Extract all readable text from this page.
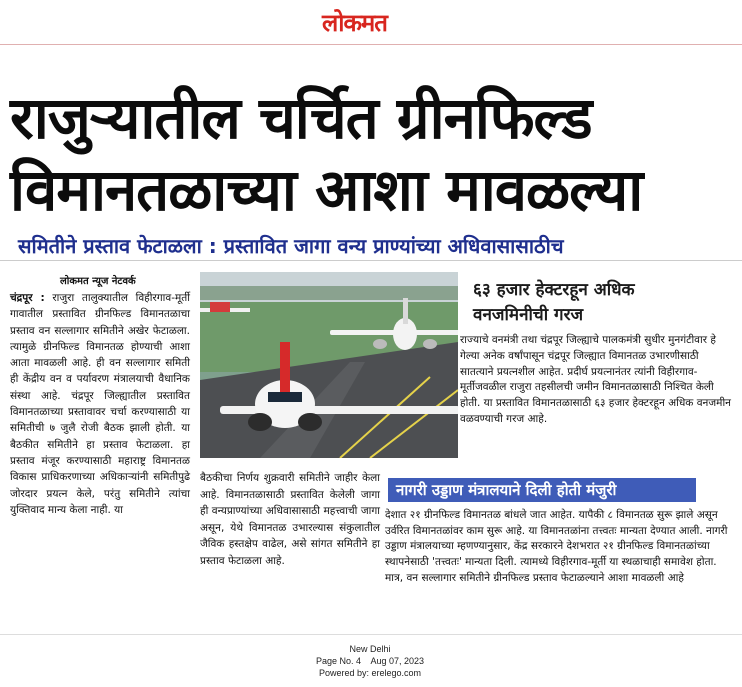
लोकमत
राजुऱ्यातील चर्चित ग्रीनफिल्ड
विमानतळाच्या आशा मावळल्या
समितीने प्रस्ताव फेटाळला : प्रस्तावित जागा वन्य प्राण्यांच्या अधिवासासाठीच
लोकमत न्यूज नेटवर्क
चंद्रपूर : राजुरा तालुक्यातील विहीरगाव-मूर्ती गावातील प्रस्तावित ग्रीनफिल्ड विमानतळाचा प्रस्ताव वन सल्लागार समितीने अखेर फेटाळला. त्यामुळे ग्रीनफिल्ड विमानतळ होण्याची आशा आता मावळली आहे. ही वन सल्लागार समिती ही केंद्रीय वन व पर्यावरण मंत्रालयाची वैधानिक संस्था आहे. चंद्रपूर जिल्ह्यातील प्रस्तावित विमानतळाच्या प्रस्तावावर चर्चा करण्यासाठी या समितीची ७ जुलै रोजी बैठक झाली होती. या बैठकीत समितीने हा प्रस्ताव फेटाळला. हा प्रस्ताव मंजूर करण्यासाठी महाराष्ट्र विमानतळ विकास प्राधिकरणाच्या अधिकाऱ्यांनी समितीपुढे जोरदार प्रयत्न केले, परंतु समितीने त्यांचा युक्तिवाद मान्य केला नाही. या
बैठकीचा निर्णय शुक्रवारी समितीने जाहीर केला आहे. विमानतळासाठी प्रस्तावित केलेली जागा ही वन्यप्राण्यांच्या अधिवासासाठी महत्त्वाची जागा असून, येथे विमानतळ उभारल्यास संकुलातील जैविक हस्तक्षेप वाढेल, असे सांगत समितीने हा प्रस्ताव फेटाळला आहे.
६३ हजार हेक्टरहून अधिक
वनजमिनीची गरज
राज्याचे वनमंत्री तथा चंद्रपूर जिल्ह्याचे पालकमंत्री सुधीर मुनगंटीवार हे गेल्या अनेक वर्षांपासून चंद्रपूर जिल्ह्यात विमानतळ उभारणीसाठी सातत्याने प्रयत्नशील आहेत. प्रदीर्घ प्रयत्नानंतर त्यांनी विहीरगाव-मूर्तीजवळील राजुरा तहसीलची जमीन विमानतळासाठी निश्चित केली होती. या प्रस्तावित विमानतळासाठी ६३ हजार हेक्टरहून अधिक वनजमीन वळवण्याची गरज आहे.
नागरी उड्डाण मंत्रालयाने दिली होती मंजुरी
देशात २१ ग्रीनफिल्ड विमानतळ बांधले जात आहेत. यापैकी ८ विमानतळ सुरू झाले असून उर्वरित विमानतळांवर काम सुरू आहे. या विमानतळांना तत्त्वतः मान्यता देण्यात आली. नागरी उड्डाण मंत्रालयाच्या म्हणण्यानुसार, केंद्र सरकारने देशभरात २१ ग्रीनफिल्ड विमानतळांच्या स्थापनेसाठी 'तत्त्वतः' मान्यता दिली. त्यामध्ये विहीरगाव-मूर्ती या स्थळाचाही समावेश होता. मात्र, वन सल्लागार समितीने ग्रीनफिल्ड प्रस्ताव फेटाळल्याने आशा मावळली आहे
New Delhi
Page No. 4 Aug 07, 2023
Powered by: erelego.com
